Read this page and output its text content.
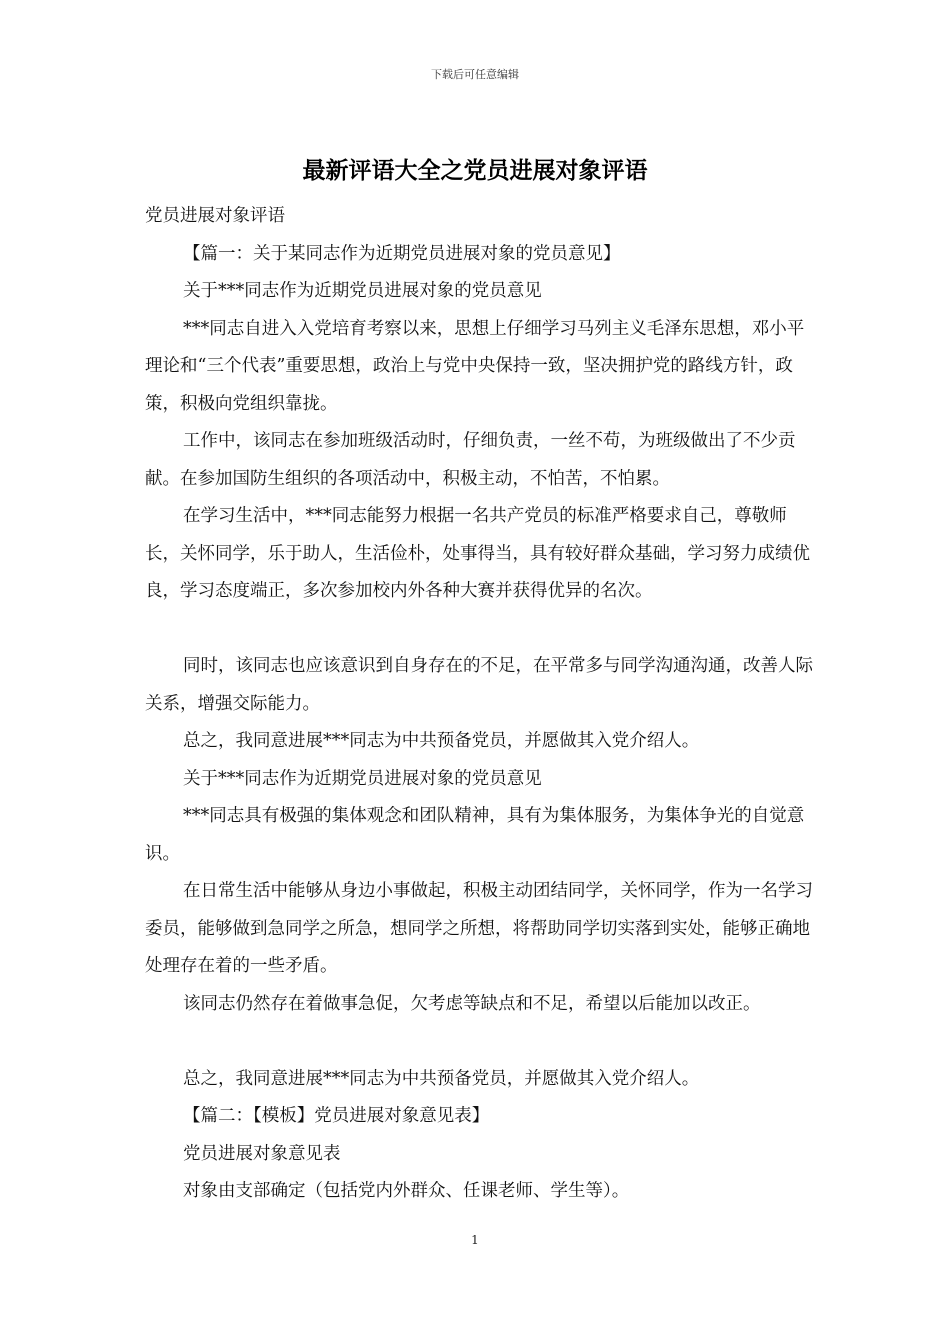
下载后可任意编辑
最新评语大全之党员进展对象评语

党员进展对象评语

【篇一：关于某同志作为近期党员进展对象的党员意见】

关于***同志作为近期党员进展对象的党员意见

***同志自进入入党培育考察以来，思想上仔细学习马列主义毛泽东思想，邓小平理论和“三个代表”重要思想，政治上与党中央保持一致，坚决拥护党的路线方针，政策，积极向党组织靠拢。

工作中，该同志在参加班级活动时，仔细负责，一丝不苟，为班级做出了不少贡献。在参加国防生组织的各项活动中，积极主动，不怕苦，不怕累。

在学习生活中，***同志能努力根据一名共产党员的标准严格要求自己，尊敬师长，关怀同学，乐于助人，生活俭朴，处事得当，具有较好群众基础，学习努力成绩优良，学习态度端正，多次参加校内外各种大赛并获得优异的名次。

同时，该同志也应该意识到自身存在的不足，在平常多与同学沟通沟通，改善人际关系，增强交际能力。

总之，我同意进展***同志为中共预备党员，并愿做其入党介绍人。

关于***同志作为近期党员进展对象的党员意见

***同志具有极强的集体观念和团队精神，具有为集体服务，为集体争光的自觉意识。

在日常生活中能够从身边小事做起，积极主动团结同学，关怀同学，作为一名学习委员，能够做到急同学之所急，想同学之所想，将帮助同学切实落到实处，能够正确地处理存在着的一些矛盾。

该同志仍然存在着做事急促，欠考虑等缺点和不足，希望以后能加以改正。

总之，我同意进展***同志为中共预备党员，并愿做其入党介绍人。

【篇二：【模板】党员进展对象意见表】

党员进展对象意见表

对象由支部确定（包括党内外群众、任课老师、学生等）。

1
